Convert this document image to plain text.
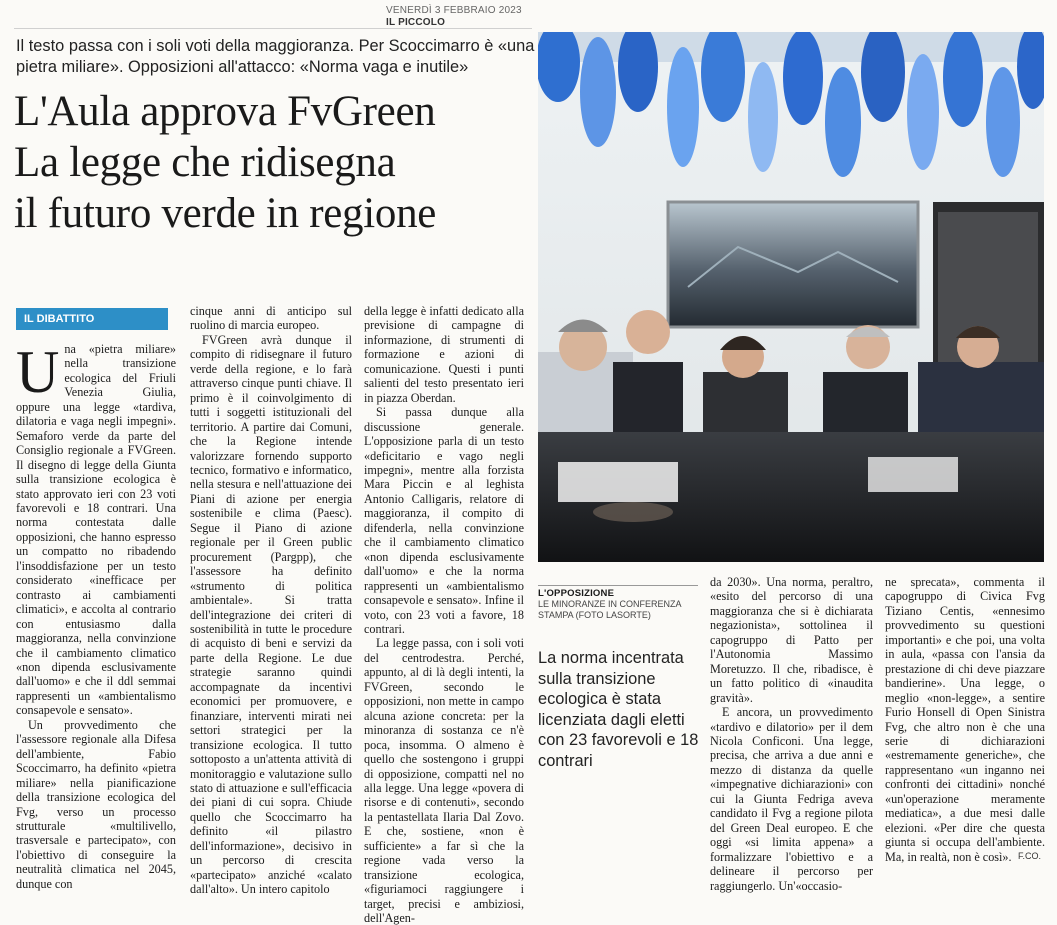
VENERDÌ 3 FEBBRAIO 2023
IL PICCOLO
Il testo passa con i soli voti della maggioranza. Per Scoccimarro è «una pietra miliare». Opposizioni all'attacco: «Norma vaga e inutile»
L'Aula approva FvGreen
La legge che ridisegna
il futuro verde in regione
IL DIBATTITO

Una «pietra miliare» nella transizione ecologica del Friuli Venezia Giulia, oppure una legge «tardiva, dilatoria e vaga negli impegni». Semaforo verde da parte del Consiglio regionale a FVGreen. Il disegno di legge della Giunta sulla transizione ecologica è stato approvato ieri con 23 voti favorevoli e 18 contrari. Una norma contestata dalle opposizioni, che hanno espresso un compatto no ribadendo l'insoddisfazione per un testo considerato «inefficace per contrasto ai cambiamenti climatici», e accolta al contrario con entusiasmo dalla maggioranza, nella convinzione che il cambiamento climatico «non dipenda esclusivamente dall'uomo» e che il ddl semmai rappresenti un «ambientalismo consapevole e sensato».

Un provvedimento che l'assessore regionale alla Difesa dell'ambiente, Fabio Scoccimarro, ha definito «pietra miliare» nella pianificazione della transizione ecologica del Fvg, verso un processo strutturale «multilivello, trasversale e partecipato», con l'obiettivo di conseguire la neutralità climatica nel 2045, dunque con

cinque anni di anticipo sul ruolino di marcia europeo.

FVGreen avrà dunque il compito di ridisegnare il futuro verde della regione, e lo farà attraverso cinque punti chiave. Il primo è il coinvolgimento di tutti i soggetti istituzionali del territorio. A partire dai Comuni, che la Regione intende valorizzare fornendo supporto tecnico, formativo e informatico, nella stesura e nell'attuazione dei Piani di azione per energia sostenibile e clima (Paesc). Segue il Piano di azione regionale per il Green public procurement (Pargpp), che l'assessore ha definito «strumento di politica ambientale». Si tratta dell'integrazione dei criteri di sostenibilità in tutte le procedure di acquisto di beni e servizi da parte della Regione. Le due strategie saranno quindi accompagnate da incentivi economici per promuovere, e finanziare, interventi mirati nei settori strategici per la transizione ecologica. Il tutto sottoposto a un'attenta attività di monitoraggio e valutazione sullo stato di attuazione e sull'efficacia dei piani di cui sopra. Chiude quello che Scoccimarro ha definito «il pilastro dell'informazione», decisivo in un percorso di crescita «partecipato» anziché «calato dall'alto». Un intero capitolo

della legge è infatti dedicato alla previsione di campagne di informazione, di strumenti di formazione e azioni di comunicazione. Questi i punti salienti del testo presentato ieri in piazza Oberdan.

Si passa dunque alla discussione generale. L'opposizione parla di un testo «deficitario e vago negli impegni», mentre alla forzista Mara Piccin e al leghista Antonio Calligaris, relatore di maggioranza, il compito di difenderla, nella convinzione che il cambiamento climatico «non dipenda esclusivamente dall'uomo» e che la norma rappresenti un «ambientalismo consapevole e sensato». Infine il voto, con 23 voti a favore, 18 contrari.

La legge passa, con i soli voti del centrodestra. Perché, appunto, al di là degli intenti, la FVGreen, secondo le opposizioni, non mette in campo alcuna azione concreta: per la minoranza di sostanza ce n'è poca, insomma. O almeno è quello che sostengono i gruppi di opposizione, compatti nel no alla legge. Una legge «povera di risorse e di contenuti», secondo la pentastellata Ilaria Dal Zovo. E che, sostiene, «non è sufficiente» a far sì che la regione vada verso la transizione ecologica, «figuriamoci raggiungere i target, precisi e ambiziosi, dell'Agen-

L'OPPOSIZIONE
LE MINORANZE IN CONFERENZA STAMPA (FOTO LASORTE)
La norma incentrata sulla transizione ecologica è stata licenziata dagli eletti con 23 favorevoli e 18 contrari

da 2030». Una norma, peraltro, «esito del percorso di una maggioranza che si è dichiarata negazionista», sottolinea il capogruppo di Patto per l'Autonomia Massimo Moretuzzo. Il che, ribadisce, è un fatto politico di «inaudita gravità».

E ancora, un provvedimento «tardivo e dilatorio» per il dem Nicola Conficoni. Una legge, precisa, che arriva a due anni e mezzo di distanza da quelle «impegnative dichiarazioni» con cui la Giunta Fedriga aveva candidato il Fvg a regione pilota del Green Deal europeo. E che oggi «si limita appena» a formalizzare l'obiettivo e a delineare il percorso per raggiungerlo. Un'«occasio-

ne sprecata», commenta il capogruppo di Civica Fvg Tiziano Centis, «ennesimo provvedimento su questioni importanti» e che poi, una volta in aula, «passa con l'ansia da prestazione di chi deve piazzare bandierine». Una legge, o meglio «non-legge», a sentire Furio Honsell di Open Sinistra Fvg, che altro non è che una serie di dichiarazioni «estremamente generiche», che rappresentano «un inganno nei confronti dei cittadini» nonché «un'operazione meramente mediatica», a due mesi dalle elezioni. «Per dire che questa giunta si occupa dell'ambiente. Ma, in realtà, non è così». F.CO.
